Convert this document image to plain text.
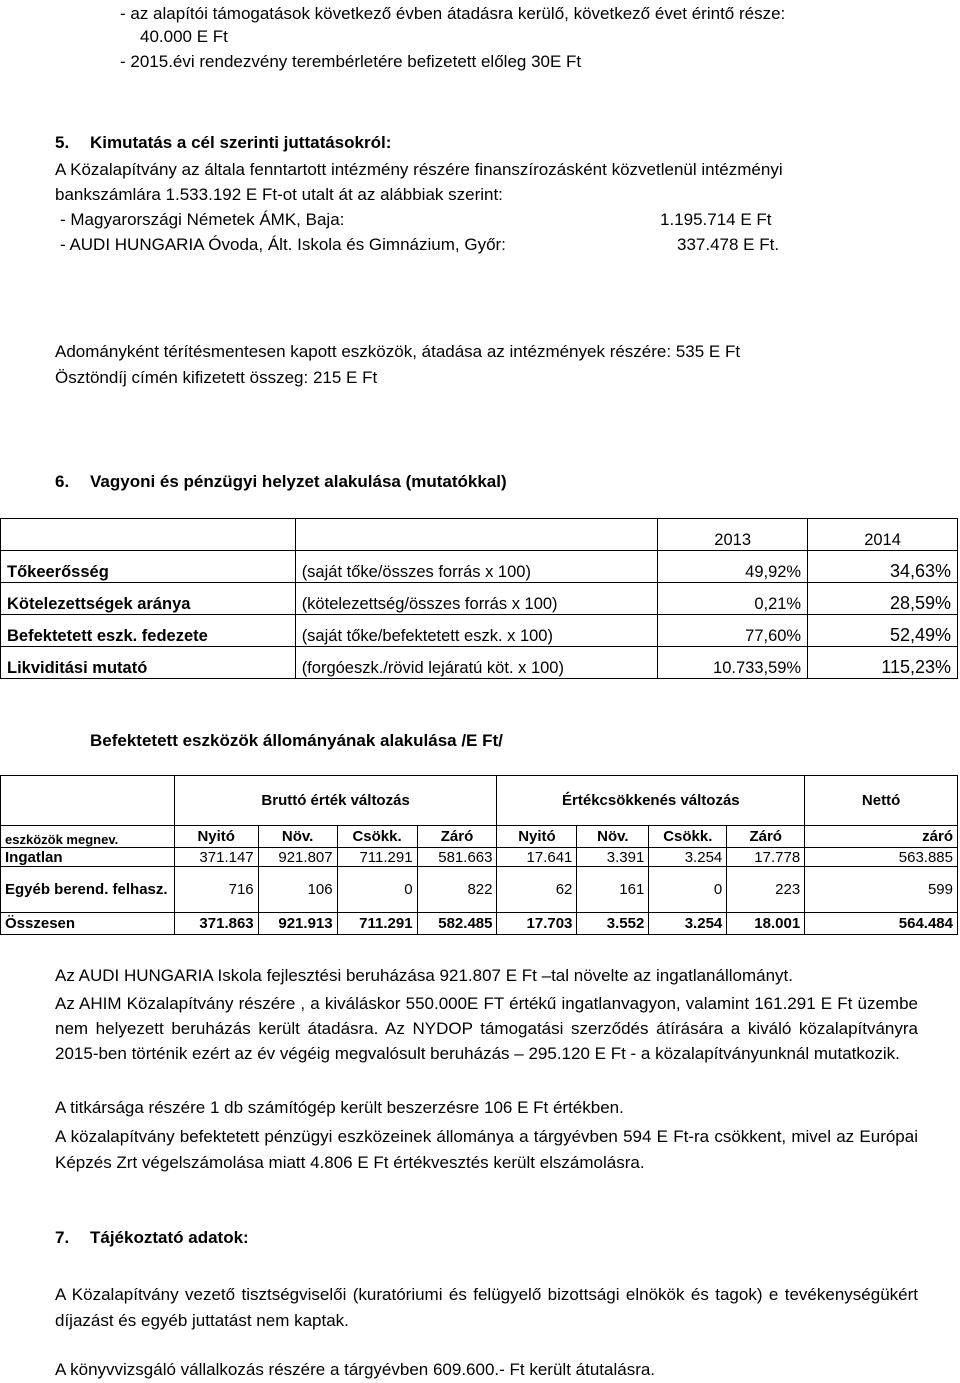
- az alapítói támogatások következő évben átadásra kerülő, következő évet érintő része:
40.000 E Ft
- 2015.évi rendezvény terembérletére befizetett előleg 30E Ft
5. Kimutatás a cél szerinti juttatásokról:
A Közalapítvány az általa fenntartott intézmény részére finanszírozásként közvetlenül intézményi
bankszámlára 1.533.192 E Ft-ot utalt át az alábbiak szerint:
- Magyarországi Németek ÁMK, Baja:	1.195.714 E Ft
- AUDI HUNGARIA Óvoda, Ált. Iskola és Gimnázium, Győr:	337.478 E Ft.
Adományként térítésmentesen kapott eszközök, átadása az intézmények részére: 535 E Ft
Ösztöndíj címén kifizetett összeg: 215 E Ft
6. Vagyoni és pénzügyi helyzet alakulása (mutatókkal)
		2013	2014
Tőkeerősség	(saját tőke/összes forrás x 100)	49,92%	34,63%
Kötelezettségek aránya	(kötelezettség/összes forrás x 100)	0,21%	28,59%
Befektetett eszk. fedezete	(saját tőke/befektetett eszk. x 100)	77,60%	52,49%
Likviditási mutató	(forgóeszk./rövid lejáratú köt. x 100)	10.733,59%	115,23%
Befektetett eszközök állományának alakulása /E Ft/
	Bruttó érték változás				Értékcsökkenés változás				Nettó
eszközök megnev.	Nyitó	Növ.	Csökk.	Záró	Nyitó	Növ.	Csökk.	Záró	záró
Ingatlan	371.147	921.807	711.291	581.663	17.641	3.391	3.254	17.778	563.885
Egyéb berend. felhasz.	716	106	0	822	62	161	0	223	599
Összesen	371.863	921.913	711.291	582.485	17.703	3.552	3.254	18.001	564.484
Az AUDI HUNGARIA Iskola fejlesztési beruházása 921.807 E Ft –tal növelte az ingatlanállományt.
Az AHIM Közalapítvány részére , a kiváláskor 550.000E FT értékű ingatlanvagyon, valamint 161.291 E Ft üzembe nem helyezett beruházás került átadásra. Az NYDOP támogatási szerződés átírására a kiváló közalapítványra 2015-ben történik ezért az év végéig megvalósult beruházás – 295.120 E Ft - a közalapítványunknál mutatkozik.
A titkársága részére 1 db számítógép került beszerzésre 106 E Ft értékben.
A közalapítvány befektetett pénzügyi eszközeinek állománya a tárgyévben 594 E Ft-ra csökkent, mivel az Európai Képzés Zrt végelszámolása miatt 4.806 E Ft értékvesztés került elszámolásra.
7. Tájékoztató adatok:
A Közalapítvány vezető tisztségviselői (kuratóriumi és felügyelő bizottsági elnökök és tagok) e tevékenységükért díjazást és egyéb juttatást nem kaptak.
A könyvvizsgáló vállalkozás részére a tárgyévben 609.600.- Ft került átutalásra.
